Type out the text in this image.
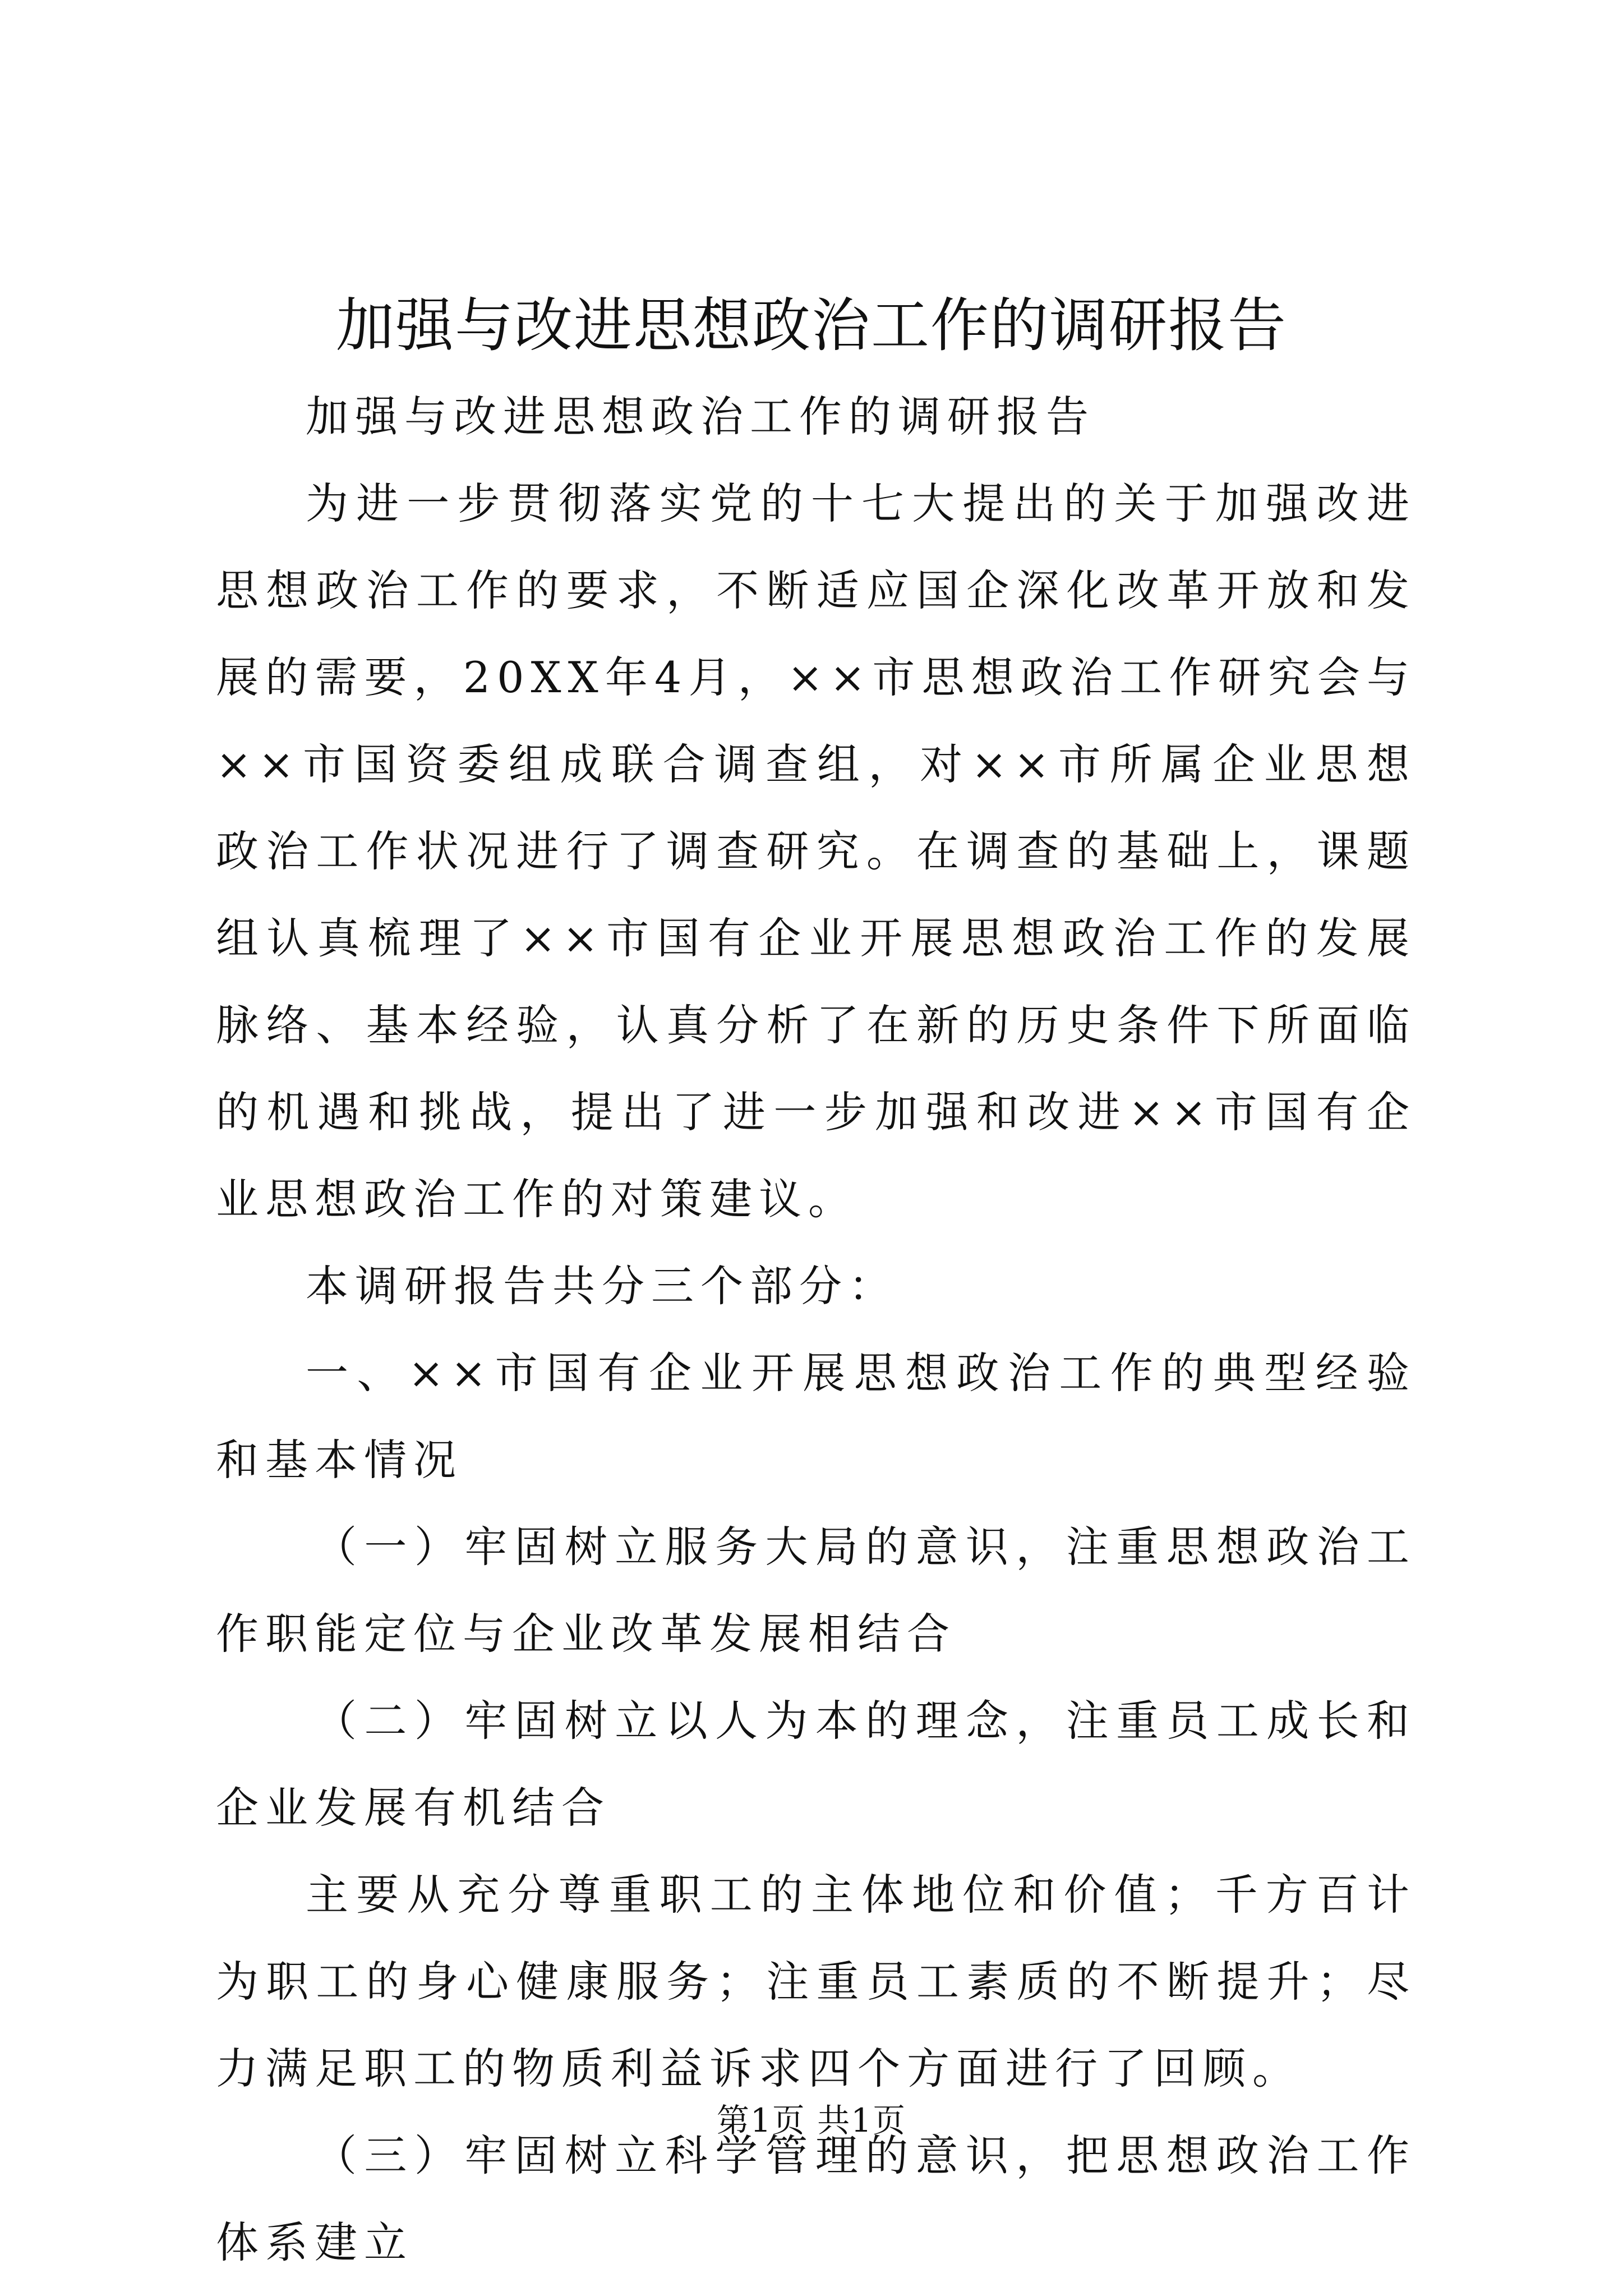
加强与改进思想政治工作的调研报告

加强与改进思想政治工作的调研报告

为进一步贯彻落实党的十七大提出的关于加强改进思想政治工作的要求，不断适应国企深化改革开放和发展的需要，20XX年4月，××市思想政治工作研究会与××市国资委组成联合调查组，对××市所属企业思想政治工作状况进行了调查研究。在调查的基础上，课题组认真梳理了××市国有企业开展思想政治工作的发展脉络、基本经验，认真分析了在新的历史条件下所面临的机遇和挑战，提出了进一步加强和改进××市国有企业思想政治工作的对策建议。

本调研报告共分三个部分：

一、××市国有企业开展思想政治工作的典型经验和基本情况

（一）牢固树立服务大局的意识，注重思想政治工作职能定位与企业改革发展相结合

（二）牢固树立以人为本的理念，注重员工成长和企业发展有机结合

主要从充分尊重职工的主体地位和价值；千方百计为职工的身心健康服务；注重员工素质的不断提升；尽力满足职工的物质利益诉求四个方面进行了回顾。

（三）牢固树立科学管理的意识，把思想政治工作体系建立

第1页 共1页
